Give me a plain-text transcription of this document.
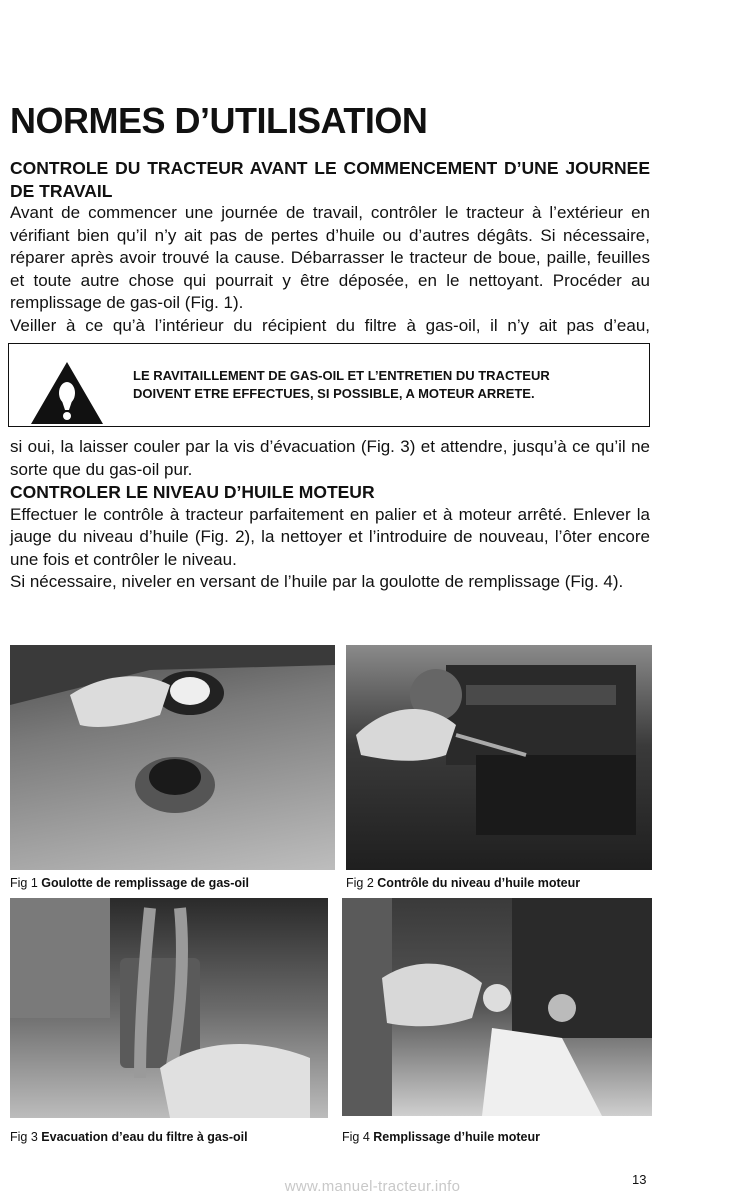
NORMES D’UTILISATION

CONTROLE DU TRACTEUR AVANT LE COMMENCEMENT D’UNE JOURNEE DE TRAVAIL

Avant de commencer une journée de travail, contrôler le tracteur à l’extérieur en vérifiant bien qu’il n’y ait pas de pertes d’huile ou d’autres dégâts. Si nécessaire, réparer après avoir trouvé la cause. Débarrasser le tracteur de boue, paille, feuilles et toute autre chose qui pourrait y être déposée, en le nettoyant. Procéder au remplissage de gas-oil (Fig. 1).

Veiller à ce qu’à l’intérieur du récipient du filtre à gas-oil, il n’y ait pas d’eau,

LE RAVITAILLEMENT DE GAS-OIL ET L’ENTRETIEN DU TRACTEUR
DOIVENT ETRE EFFECTUES, SI POSSIBLE, A MOTEUR ARRETE.

si oui, la laisser couler par la vis d’évacuation (Fig. 3) et attendre, jusqu’à ce qu’il ne sorte que du gas-oil pur.

CONTROLER LE NIVEAU D’HUILE MOTEUR

Effectuer le contrôle à tracteur parfaitement en palier et à moteur arrêté. Enlever la jauge du niveau d’huile (Fig. 2), la nettoyer et l’introduire de nouveau, l’ôter encore une fois et contrôler le niveau.

Si nécessaire, niveler en versant de l’huile par la goulotte de remplissage (Fig. 4).

Fig 1 Goulotte de remplissage de gas-oil	Fig 2 Contrôle du niveau d’huile moteur

Fig 3 Evacuation d’eau du filtre à gas-oil	Fig 4 Remplissage d’huile moteur

13

www.manuel-tracteur.info
